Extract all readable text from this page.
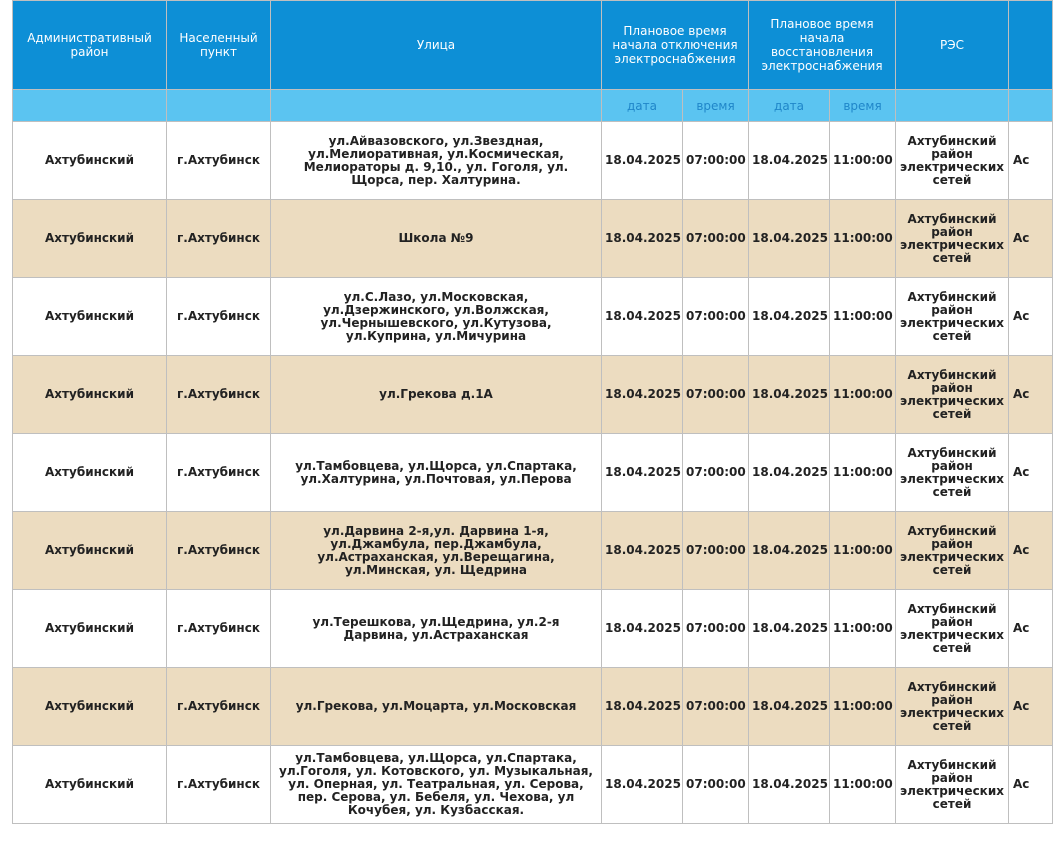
Административный район	Населенный пункт	Улица	Плановое время начала отключения электроснабжения		Плановое время начала восстановления электроснабжения		РЭС	
			дата	время	дата	время		
Ахтубинский	г.Ахтубинск	ул.Айвазовского, ул.Звездная, ул.Мелиоративная, ул.Космическая, Мелиораторы д. 9,10., ул. Гоголя, ул. Щорса, пер. Халтурина.	18.04.2025	07:00:00	18.04.2025	11:00:00	Ахтубинский район электрических сетей	Ас
Ахтубинский	г.Ахтубинск	Школа №9	18.04.2025	07:00:00	18.04.2025	11:00:00	Ахтубинский район электрических сетей	Ас
Ахтубинский	г.Ахтубинск	ул.С.Лазо, ул.Московская, ул.Дзержинского, ул.Волжская, ул.Чернышевского, ул.Кутузова, ул.Куприна, ул.Мичурина	18.04.2025	07:00:00	18.04.2025	11:00:00	Ахтубинский район электрических сетей	Ас
Ахтубинский	г.Ахтубинск	ул.Грекова д.1А	18.04.2025	07:00:00	18.04.2025	11:00:00	Ахтубинский район электрических сетей	Ас
Ахтубинский	г.Ахтубинск	ул.Тамбовцева, ул.Щорса, ул.Спартака, ул.Халтурина, ул.Почтовая, ул.Перова	18.04.2025	07:00:00	18.04.2025	11:00:00	Ахтубинский район электрических сетей	Ас
Ахтубинский	г.Ахтубинск	ул.Дарвина 2-я,ул. Дарвина 1-я, ул.Джамбула, пер.Джамбула, ул.Астраханская, ул.Верещагина, ул.Минская, ул. Щедрина	18.04.2025	07:00:00	18.04.2025	11:00:00	Ахтубинский район электрических сетей	Ас
Ахтубинский	г.Ахтубинск	ул.Терешкова, ул.Щедрина, ул.2-я Дарвина, ул.Астраханская	18.04.2025	07:00:00	18.04.2025	11:00:00	Ахтубинский район электрических сетей	Ас
Ахтубинский	г.Ахтубинск	ул.Грекова, ул.Моцарта, ул.Московская	18.04.2025	07:00:00	18.04.2025	11:00:00	Ахтубинский район электрических сетей	Ас
Ахтубинский	г.Ахтубинск	ул.Тамбовцева, ул.Щорса, ул.Спартака, ул.Гоголя, ул. Котовского, ул. Музыкальная, ул. Оперная, ул. Театральная, ул. Серова, пер. Серова, ул. Бебеля, ул. Чехова, ул Кочубея, ул. Кузбасская.	18.04.2025	07:00:00	18.04.2025	11:00:00	Ахтубинский район электрических сетей	Ас
